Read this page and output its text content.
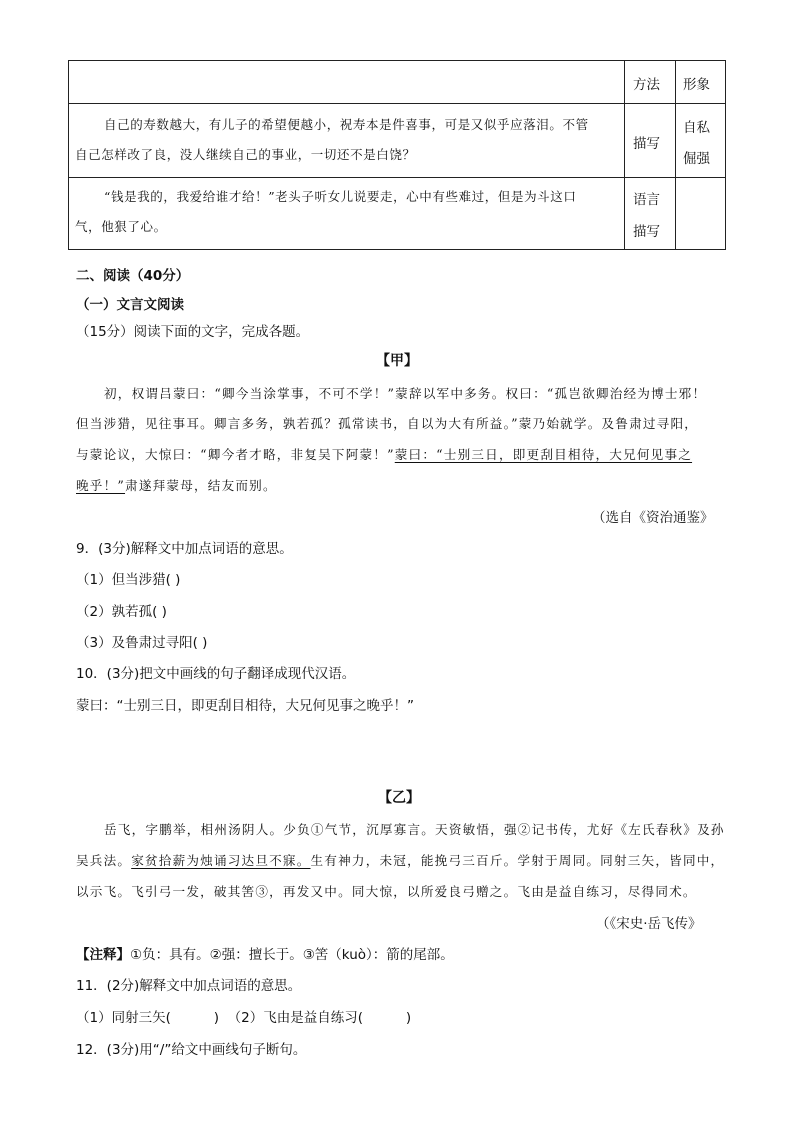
方法 形象
自己的寿数越大，有儿子的希望便越小，祝寿本是件喜事，可是又似乎应落泪。不管
自己怎样改了良，没人继续自己的事业，一切还不是白饶？
描写
自私
倔强
“钱是我的，我爱给谁才给！”老头子听女儿说要走，心中有些难过，但是为斗这口
气，他狠了心。
语言
描写
二、阅读（40分）
（一）文言文阅读
（15分）阅读下面的文字，完成各题。
【甲】
初，权谓吕蒙曰：“卿今当涂掌事，不可不学！”蒙辞以军中多务。权曰：“孤岂欲卿治经为博士邪！
但当涉猎，见往事耳。卿言多务，孰若孤？孤常读书，自以为大有所益。”蒙乃始就学。及鲁肃过寻阳，
与蒙论议，大惊曰：“卿今者才略，非复吴下阿蒙！”蒙曰：“士别三日，即更刮目相待，大兄何见事之
晚乎！”肃遂拜蒙母，结友而别。
（选自《资治通鉴》
9．(3分)解释文中加点词语的意思。
（1）但当涉猎( )
（2）孰若孤( )
（3）及鲁肃过寻阳( )
10．(3分)把文中画线的句子翻译成现代汉语。
蒙曰：“士别三日，即更刮目相待，大兄何见事之晚乎！”
【乙】
岳飞，字鹏举，相州汤阴人。少负①气节，沉厚寡言。天资敏悟，强②记书传，尤好《左氏春秋》及孙
吴兵法。家贫拾薪为烛诵习达旦不寐。生有神力，未冠，能挽弓三百斤。学射于周同。同射三矢，皆同中，
以示飞。飞引弓一发，破其筈③，再发又中。同大惊，以所爱良弓赠之。飞由是益自练习，尽得同术。
（《宋史·岳飞传》
【注释】①负：具有。②强：擅长于。③筈（kuò）：箭的尾部。
11．(2分)解释文中加点词语的意思。
（1）同射三矢(          )  （2）飞由是益自练习(          )
12．(3分)用“/”给文中画线句子断句。
